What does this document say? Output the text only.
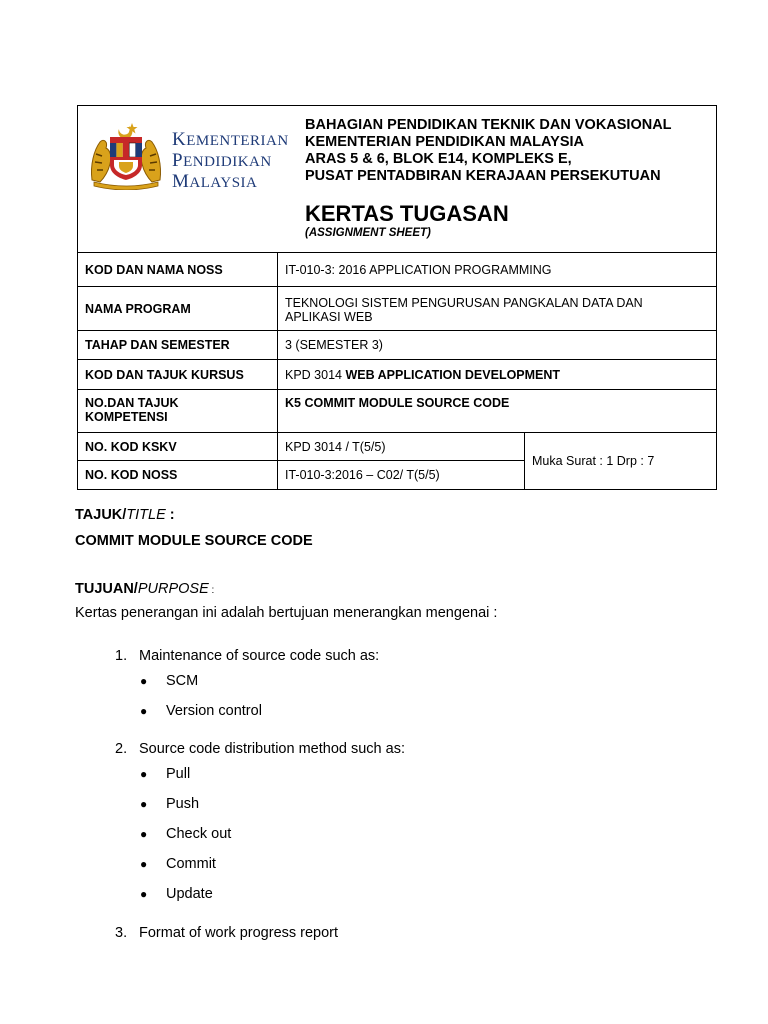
KEMENTERIAN
PENDIDIKAN
MALAYSIA
BAHAGIAN PENDIDIKAN TEKNIK DAN VOKASIONAL
KEMENTERIAN PENDIDIKAN MALAYSIA
ARAS 5 & 6, BLOK E14, KOMPLEKS E,
PUSAT PENTADBIRAN KERAJAAN PERSEKUTUAN
KERTAS TUGASAN
(ASSIGNMENT SHEET)
KOD DAN NAMA NOSS	IT-010-3: 2016 APPLICATION PROGRAMMING	
NAMA PROGRAM	TEKNOLOGI SISTEM PENGURUSAN PANGKALAN DATA DAN
APLIKASI WEB	

TAHAP DAN SEMESTER	3 (SEMESTER 3)	
KOD DAN TAJUK KURSUS	KPD 3014 WEB APPLICATION DEVELOPMENT	

NO.DAN TAJUK
KOMPETENSI	K5 COMMIT MODULE SOURCE CODE	
NO. KOD KSKV	KPD 3014 / T(5/5)	Muka Surat : 1 Drp : 7
NO. KOD NOSS	IT-010-3:2016 – C02/ T(5/5)	
TAJUK/TITLE :
COMMIT MODULE SOURCE CODE
TUJUAN/PURPOSE :
Kertas penerangan ini adalah bertujuan menerangkan mengenai :
1. Maintenance of source code such as:
● SCM
● Version control
2. Source code distribution method such as:
● Pull
● Push
● Check out
● Commit
● Update
3. Format of work progress report
